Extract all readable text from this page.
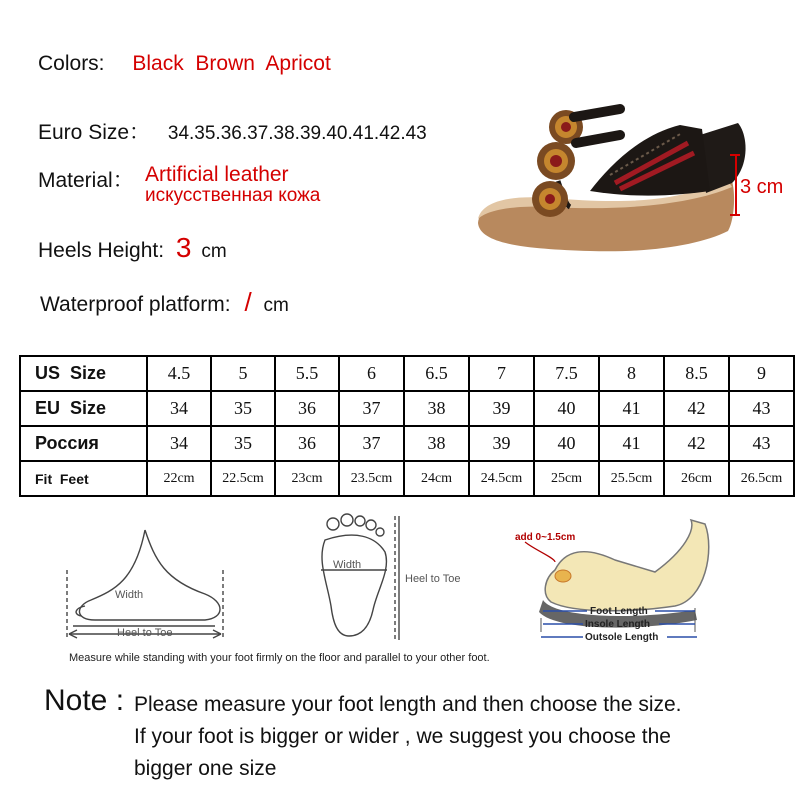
Colors: Black  Brown  Apricot
Euro Size： 34.35.36.37.38.39.40.41.42.43
Material： Artificial leather
искусственная кожа
Heels Height: 3 cm
Waterproof platform: / cm
3 cm
US  Size	4.5	5	5.5	6	6.5	7	7.5	8	8.5	9
EU  Size	34	35	36	37	38	39	40	41	42	43
Россия	34	35	36	37	38	39	40	41	42	43
Fit  Feet	22cm	22.5cm	23cm	23.5cm	24cm	24.5cm	25cm	25.5cm	26cm	26.5cm
Width
Heel to Toe
Width
Heel to Toe
add 0~1.5cm
Foot Length
Insole Length
Outsole Length
Measure while standing with your foot firmly on the floor and parallel to your other foot.
Note : Please measure your foot length and then choose the size.
If your foot is bigger or wider , we suggest you choose the
bigger one size
